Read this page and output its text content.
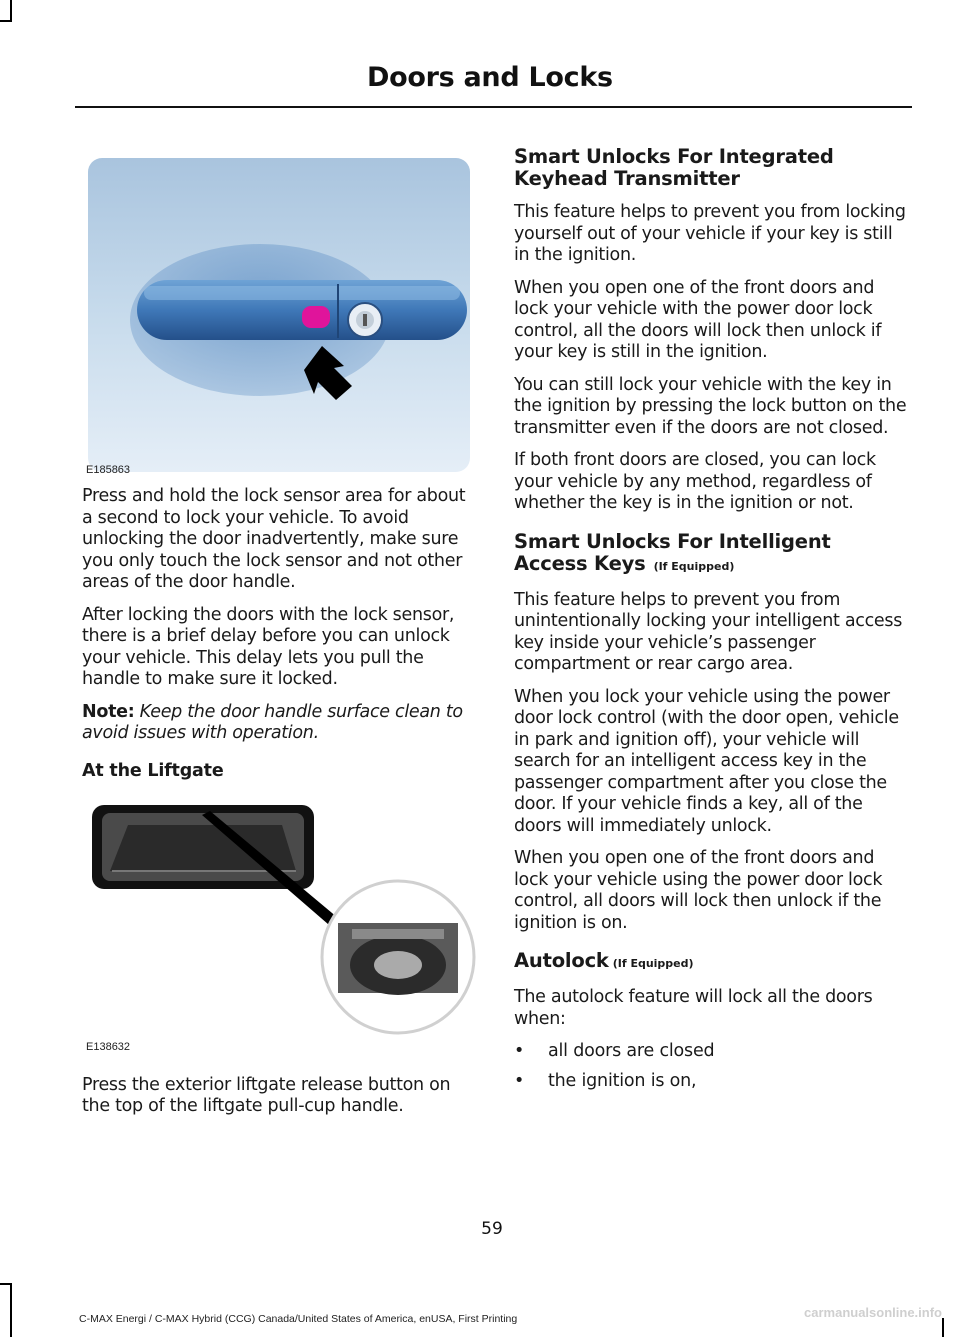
Doors and Locks
E185863

Press and hold the lock sensor area for about a second to lock your vehicle. To avoid unlocking the door inadvertently, make sure you only touch the lock sensor and not other areas of the door handle.

After locking the doors with the lock sensor, there is a brief delay before you can unlock your vehicle. This delay lets you pull the handle to make sure it locked.

Note: Keep the door handle surface clean to avoid issues with operation.

At the Liftgate
E138632

Press the exterior liftgate release button on the top of the liftgate pull-cup handle.

Smart Unlocks For Integrated Keyhead Transmitter

This feature helps to prevent you from locking yourself out of your vehicle if your key is still in the ignition.

When you open one of the front doors and lock your vehicle with the power door lock control, all the doors will lock then unlock if your key is still in the ignition.

You can still lock your vehicle with the key in the ignition by pressing the lock button on the transmitter even if the doors are not closed.

If both front doors are closed, you can lock your vehicle by any method, regardless of whether the key is in the ignition or not.

Smart Unlocks For Intelligent Access Keys (If Equipped)

This feature helps to prevent you from unintentionally locking your intelligent access key inside your vehicle’s passenger compartment or rear cargo area.

When you lock your vehicle using the power door lock control (with the door open, vehicle in park and ignition off), your vehicle will search for an intelligent access key in the passenger compartment after you close the door. If your vehicle finds a key, all of the doors will immediately unlock.

When you open one of the front doors and lock your vehicle using the power door lock control, all doors will lock then unlock if the ignition is on.

Autolock (If Equipped)

The autolock feature will lock all the doors when:

• all doors are closed
• the ignition is on,
59
C-MAX Energi / C-MAX Hybrid (CCG) Canada/United States of America, enUSA, First Printing	carmanualsonline.info
